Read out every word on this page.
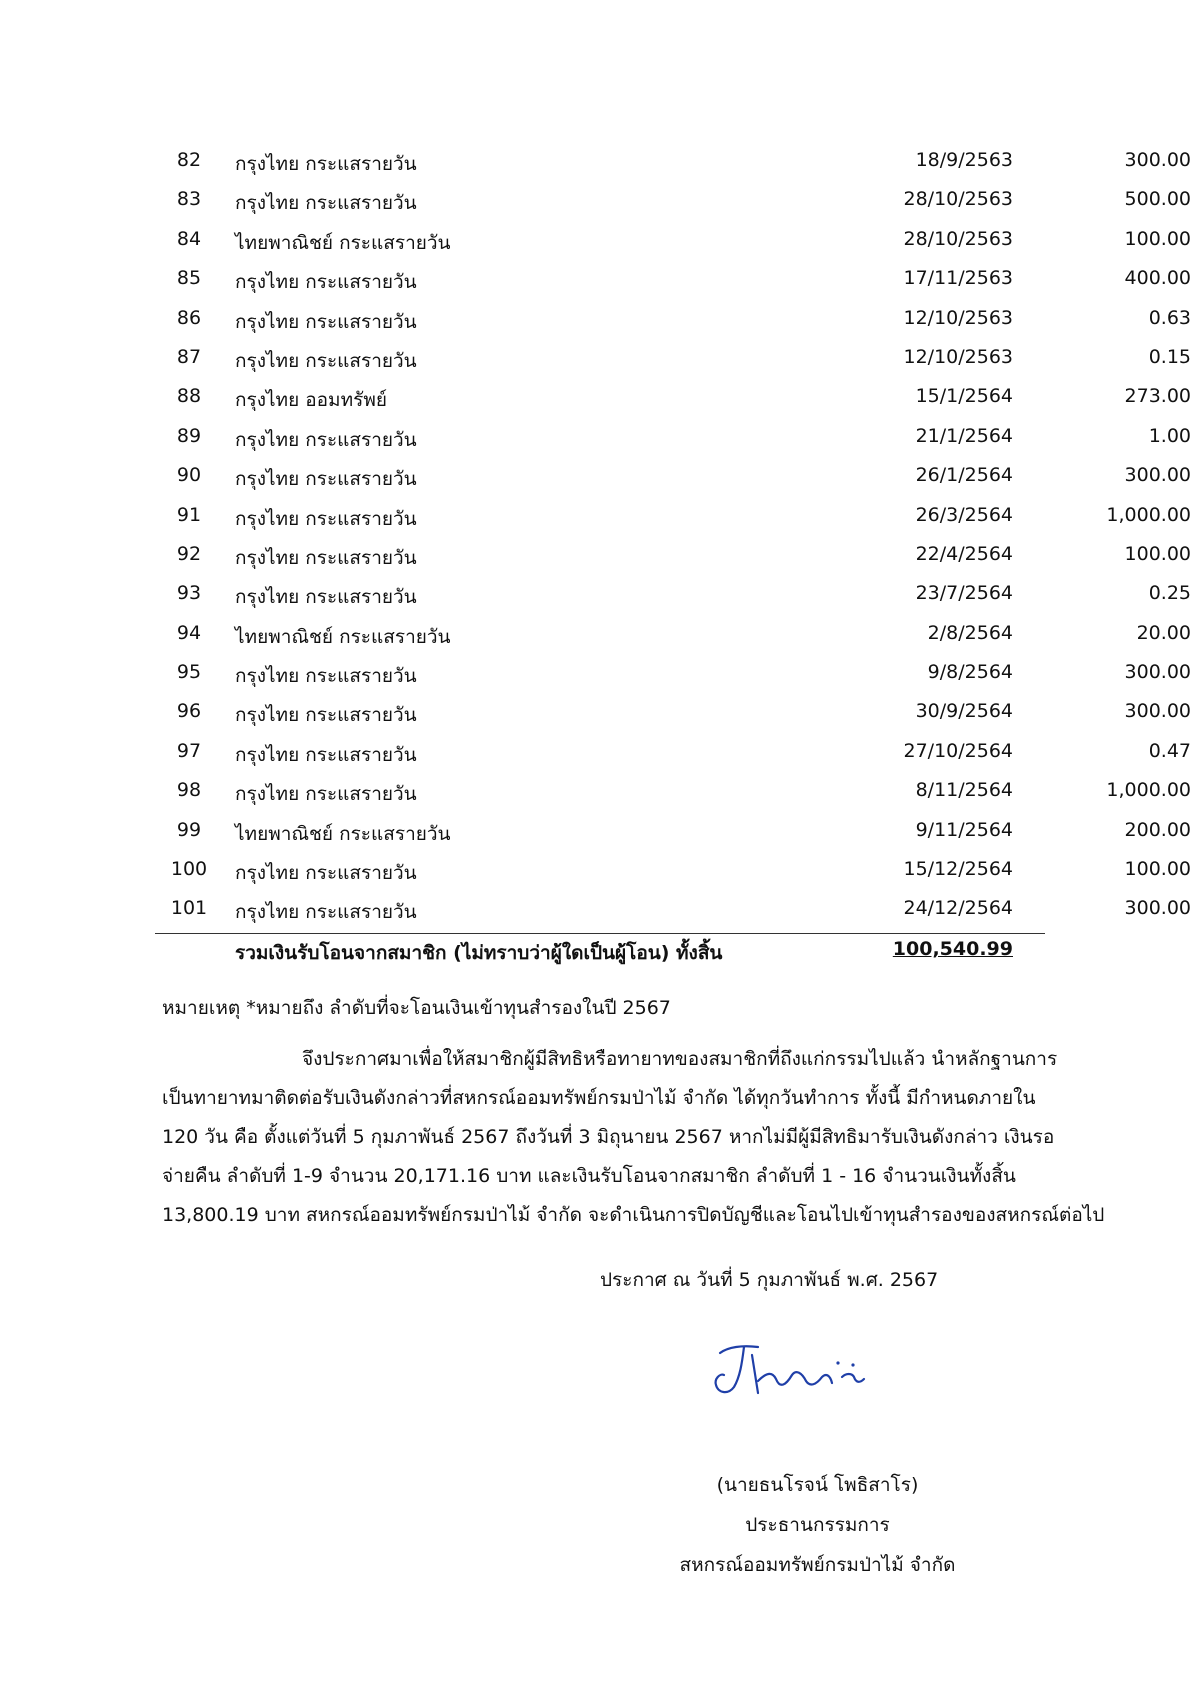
82	กรุงไทย กระแสรายวัน	18/9/2563	300.00
83	กรุงไทย กระแสรายวัน	28/10/2563	500.00
84	ไทยพาณิชย์ กระแสรายวัน	28/10/2563	100.00
85	กรุงไทย กระแสรายวัน	17/11/2563	400.00
86	กรุงไทย กระแสรายวัน	12/10/2563	0.63
87	กรุงไทย กระแสรายวัน	12/10/2563	0.15
88	กรุงไทย ออมทรัพย์	15/1/2564	273.00
89	กรุงไทย กระแสรายวัน	21/1/2564	1.00
90	กรุงไทย กระแสรายวัน	26/1/2564	300.00
91	กรุงไทย กระแสรายวัน	26/3/2564	1,000.00
92	กรุงไทย กระแสรายวัน	22/4/2564	100.00
93	กรุงไทย กระแสรายวัน	23/7/2564	0.25
94	ไทยพาณิชย์ กระแสรายวัน	2/8/2564	20.00
95	กรุงไทย กระแสรายวัน	9/8/2564	300.00
96	กรุงไทย กระแสรายวัน	30/9/2564	300.00
97	กรุงไทย กระแสรายวัน	27/10/2564	0.47
98	กรุงไทย กระแสรายวัน	8/11/2564	1,000.00
99	ไทยพาณิชย์ กระแสรายวัน	9/11/2564	200.00
100	กรุงไทย กระแสรายวัน	15/12/2564	100.00
101	กรุงไทย กระแสรายวัน	24/12/2564	300.00
รวมเงินรับโอนจากสมาชิก (ไม่ทราบว่าผู้ใดเป็นผู้โอน) ทั้งสิ้น	100,540.99
หมายเหตุ *หมายถึง ลำดับที่จะโอนเงินเข้าทุนสำรองในปี 2567
จึงประกาศมาเพื่อให้สมาชิกผู้มีสิทธิหรือทายาทของสมาชิกที่ถึงแก่กรรมไปแล้ว นำหลักฐานการ
เป็นทายาทมาติดต่อรับเงินดังกล่าวที่สหกรณ์ออมทรัพย์กรมป่าไม้ จำกัด ได้ทุกวันทำการ ทั้งนี้ มีกำหนดภายใน
120 วัน คือ ตั้งแต่วันที่ 5 กุมภาพันธ์ 2567 ถึงวันที่ 3 มิถุนายน 2567 หากไม่มีผู้มีสิทธิมารับเงินดังกล่าว เงินรอ
จ่ายคืน ลำดับที่ 1-9 จำนวน 20,171.16 บาท และเงินรับโอนจากสมาชิก ลำดับที่ 1 - 16 จำนวนเงินทั้งสิ้น
13,800.19 บาท สหกรณ์ออมทรัพย์กรมป่าไม้ จำกัด จะดำเนินการปิดบัญชีและโอนไปเข้าทุนสำรองของสหกรณ์ต่อไป
ประกาศ ณ วันที่ 5 กุมภาพันธ์ พ.ศ. 2567
(นายธนโรจน์ โพธิสาโร)
ประธานกรรมการ
สหกรณ์ออมทรัพย์กรมป่าไม้ จำกัด
